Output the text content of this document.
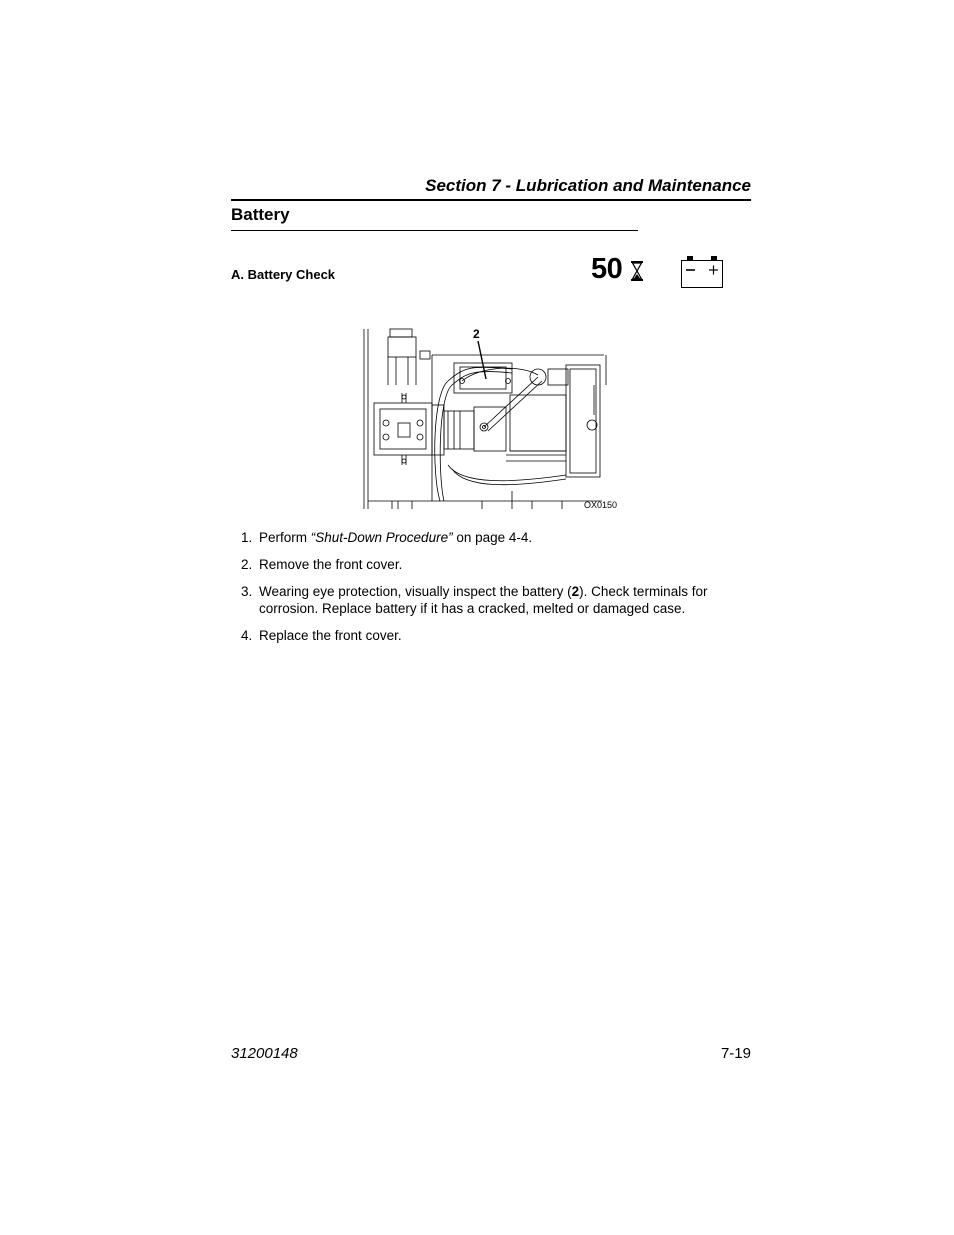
Section 7 - Lubrication and Maintenance
Battery
A. Battery Check	50
2
OX0150
1. Perform “Shut-Down Procedure” on page 4-4.
2. Remove the front cover.
3. Wearing eye protection, visually inspect the battery (2). Check terminals for corrosion. Replace battery if it has a cracked, melted or damaged case.
4. Replace the front cover.
31200148	7-19
